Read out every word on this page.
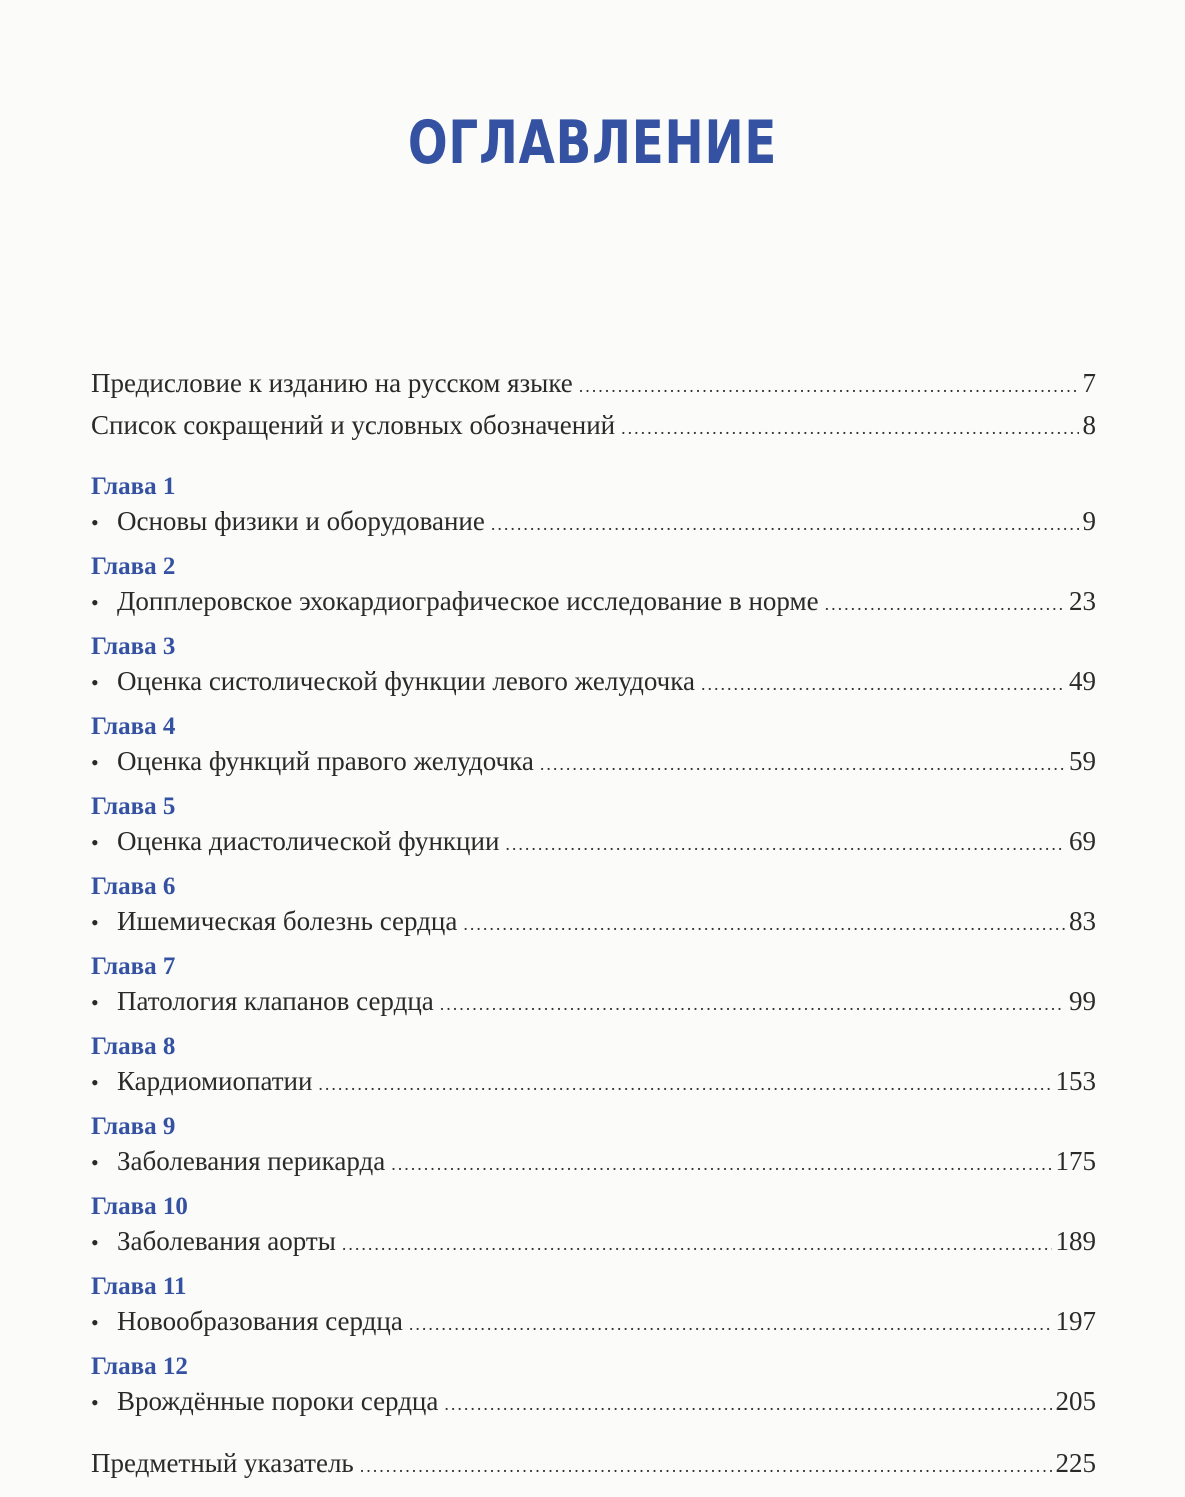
ОГЛАВЛЕНИЕ
Предисловие к изданию на русском языке .....	7
Список сокращений и условных обозначений .....	8
Глава 1
• Основы физики и оборудование .....	9
Глава 2
• Допплеровское эхокардиографическое исследование в норме .....	23
Глава 3
• Оценка систолической функции левого желудочка .....	49
Глава 4
• Оценка функций правого желудочка .....	59
Глава 5
• Оценка диастолической функции .....	69
Глава 6
• Ишемическая болезнь сердца .....	83
Глава 7
• Патология клапанов сердца .....	99
Глава 8
• Кардиомиопатии .....	153
Глава 9
• Заболевания перикарда .....	175
Глава 10
• Заболевания аорты .....	189
Глава 11
• Новообразования сердца .....	197
Глава 12
• Врождённые пороки сердца .....	205
Предметный указатель .....	225
